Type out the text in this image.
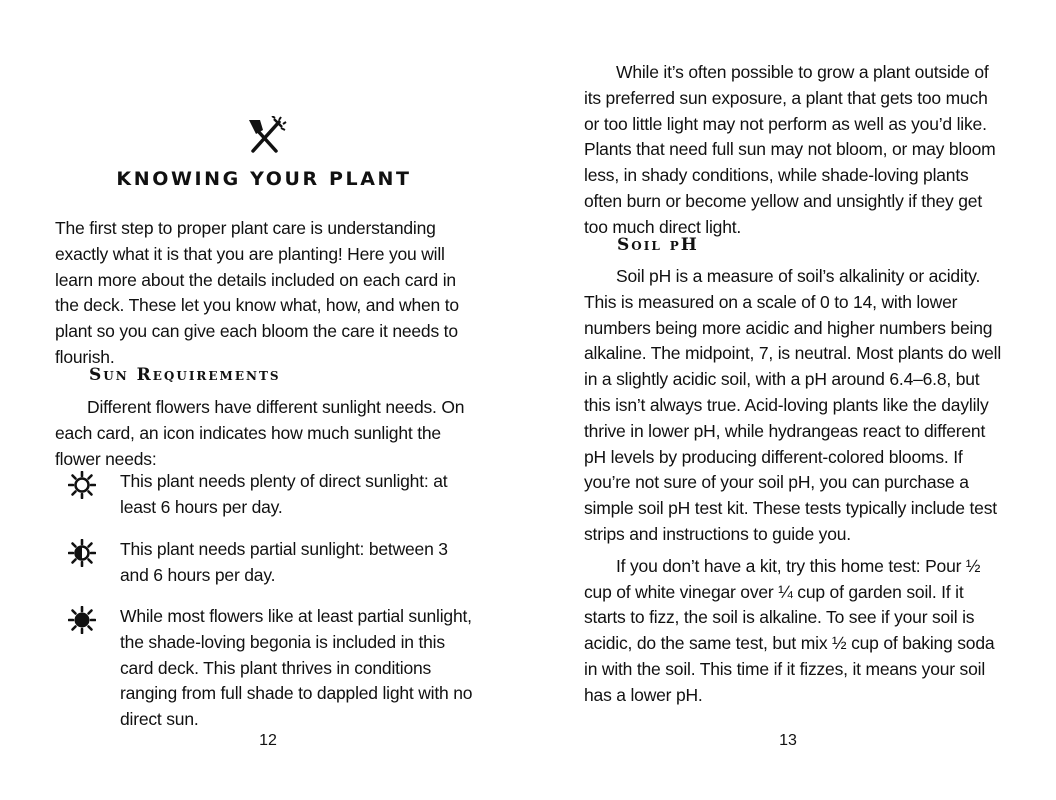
KNOWING YOUR PLANT

The first step to proper plant care is understanding exactly what it is that you are planting! Here you will learn more about the details included on each card in the deck. These let you know what, how, and when to plant so you can give each bloom the care it needs to flourish.

Sun Requirements

Different flowers have different sunlight needs. On each card, an icon indicates how much sunlight the flower needs:

This plant needs plenty of direct sunlight: at least 6 hours per day.

This plant needs partial sunlight: between 3 and 6 hours per day.

While most flowers like at least partial sunlight, the shade-loving begonia is included in this card deck. This plant thrives in conditions ranging from full shade to dappled light with no direct sun.

12

While it’s often possible to grow a plant outside of its preferred sun exposure, a plant that gets too much or too little light may not perform as well as you’d like. Plants that need full sun may not bloom, or may bloom less, in shady conditions, while shade-loving plants often burn or become yellow and unsightly if they get too much direct light.

Soil pH

Soil pH is a measure of soil’s alkalinity or acidity. This is measured on a scale of 0 to 14, with lower numbers being more acidic and higher numbers being alkaline. The midpoint, 7, is neutral. Most plants do well in a slightly acidic soil, with a pH around 6.4–6.8, but this isn’t always true. Acid-loving plants like the daylily thrive in lower pH, while hydrangeas react to different pH levels by producing different-colored blooms. If you’re not sure of your soil pH, you can purchase a simple soil pH test kit. These tests typically include test strips and instructions to guide you.

If you don’t have a kit, try this home test: Pour ½ cup of white vinegar over ¼ cup of garden soil. If it starts to fizz, the soil is alkaline. To see if your soil is acidic, do the same test, but mix ½ cup of baking soda in with the soil. This time if it fizzes, it means your soil has a lower pH.

13
